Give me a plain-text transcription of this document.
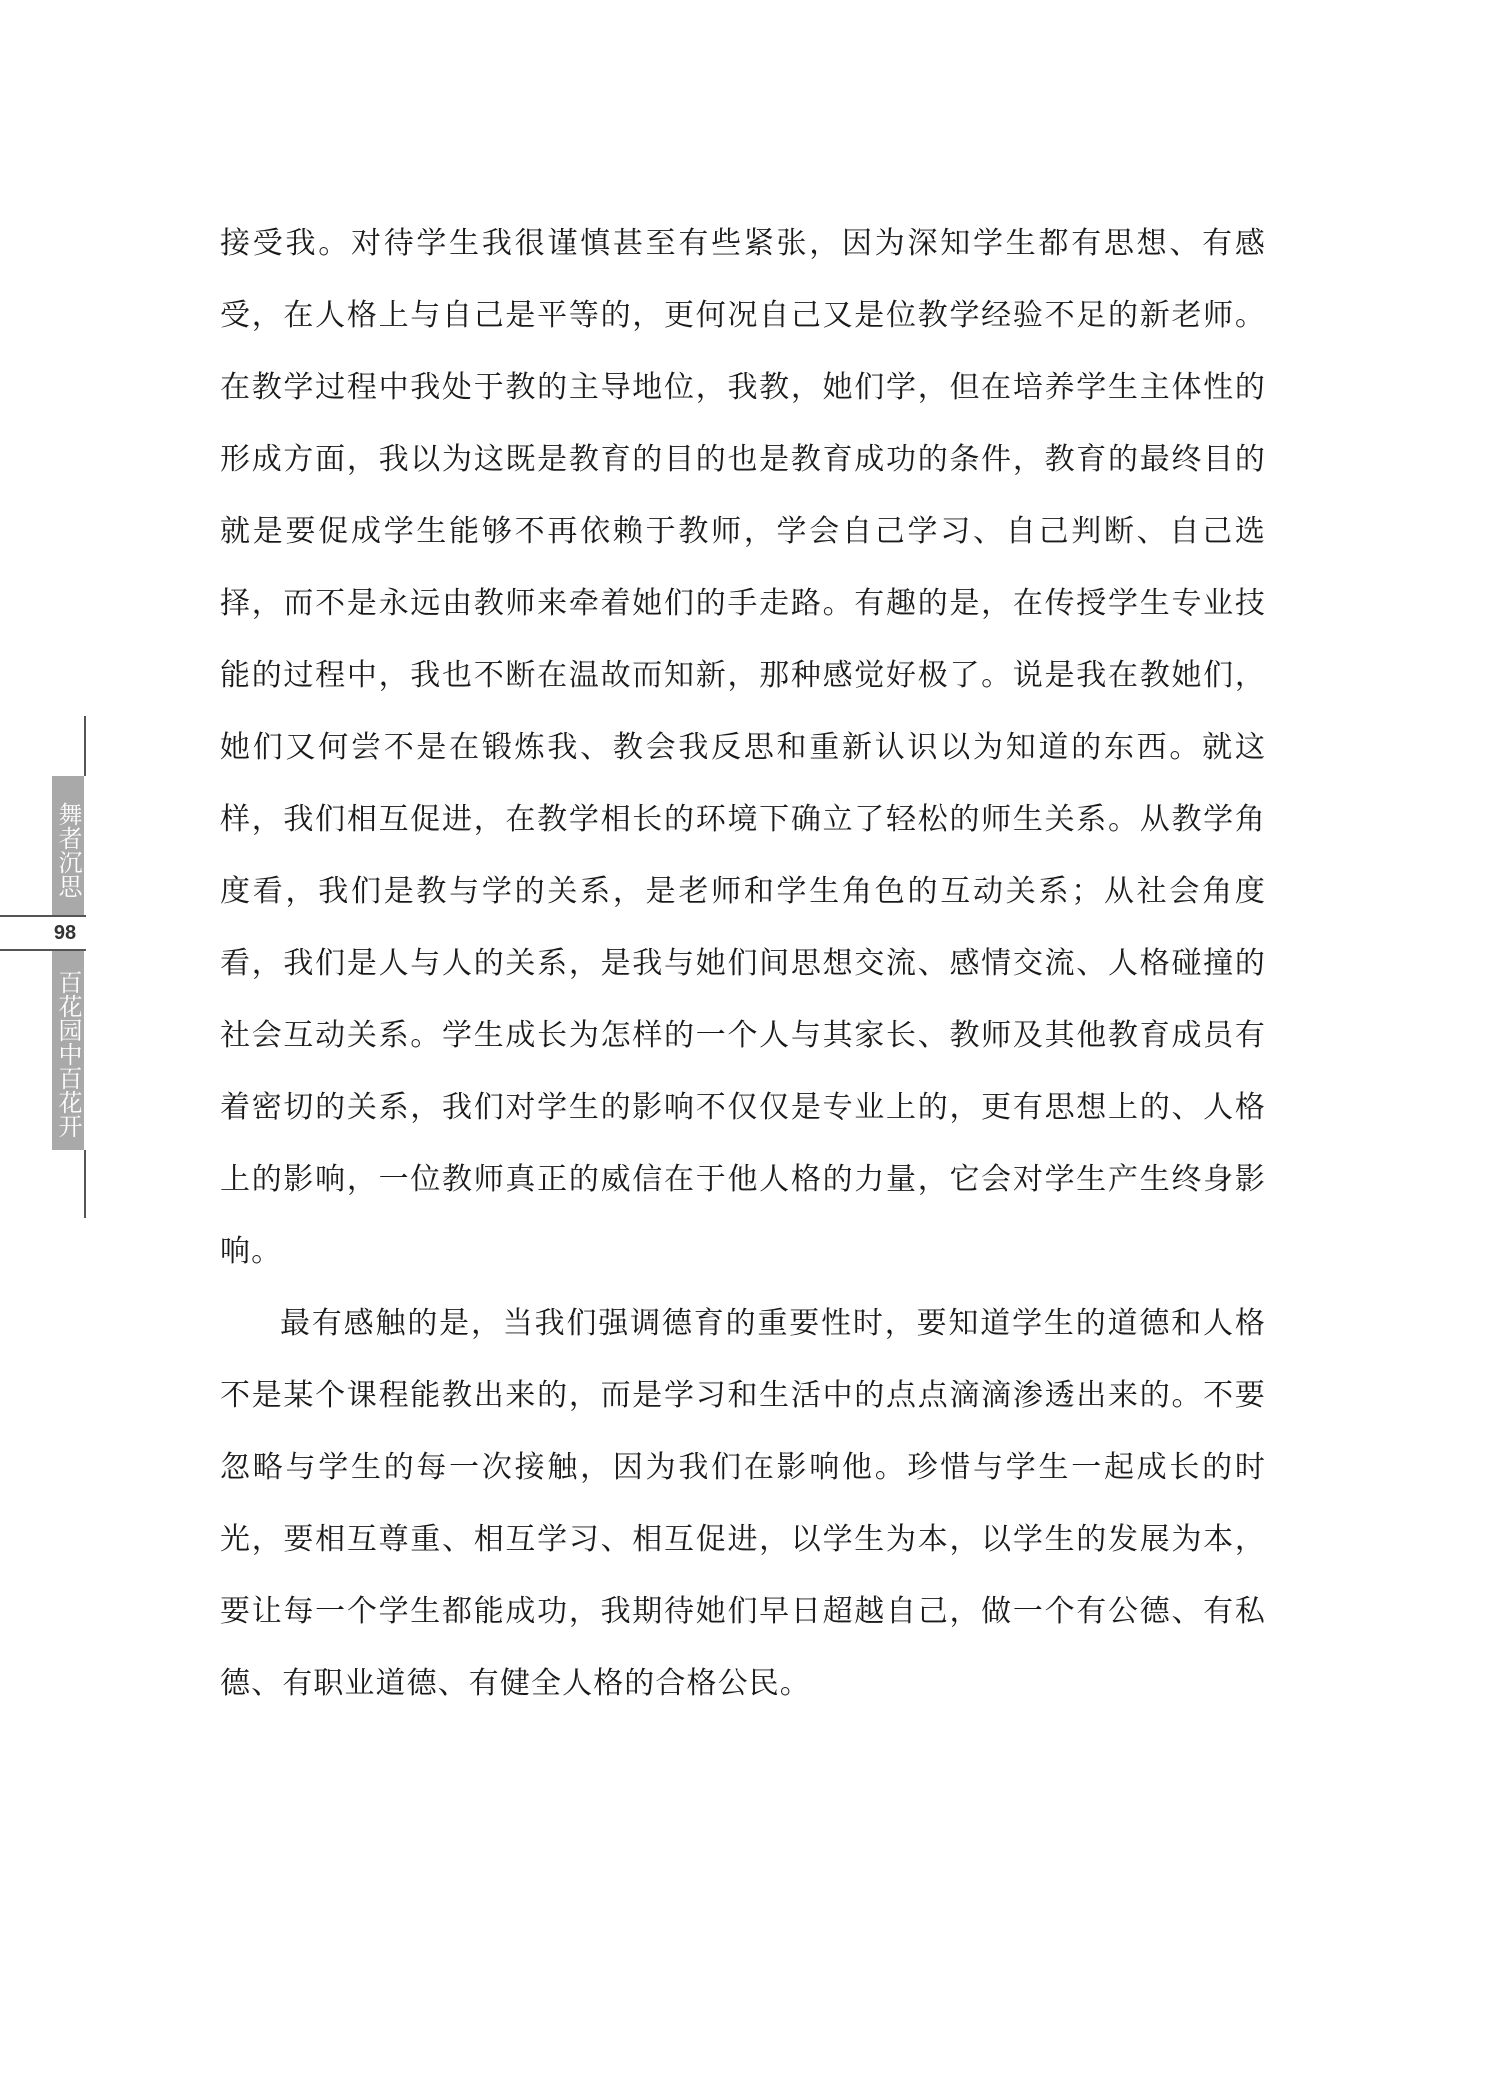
舞者沉思
98
百花园中百花开

接受我。对待学生我很谨慎甚至有些紧张，因为深知学生都有思想、有感受，在人格上与自己是平等的，更何况自己又是位教学经验不足的新老师。在教学过程中我处于教的主导地位，我教，她们学，但在培养学生主体性的形成方面，我以为这既是教育的目的也是教育成功的条件，教育的最终目的就是要促成学生能够不再依赖于教师，学会自己学习、自己判断、自己选择，而不是永远由教师来牵着她们的手走路。有趣的是，在传授学生专业技能的过程中，我也不断在温故而知新，那种感觉好极了。说是我在教她们，她们又何尝不是在锻炼我、教会我反思和重新认识以为知道的东西。就这样，我们相互促进，在教学相长的环境下确立了轻松的师生关系。从教学角度看，我们是教与学的关系，是老师和学生角色的互动关系；从社会角度看，我们是人与人的关系，是我与她们间思想交流、感情交流、人格碰撞的社会互动关系。学生成长为怎样的一个人与其家长、教师及其他教育成员有着密切的关系，我们对学生的影响不仅仅是专业上的，更有思想上的、人格上的影响，一位教师真正的威信在于他人格的力量，它会对学生产生终身影响。

最有感触的是，当我们强调德育的重要性时，要知道学生的道德和人格不是某个课程能教出来的，而是学习和生活中的点点滴滴渗透出来的。不要忽略与学生的每一次接触，因为我们在影响他。珍惜与学生一起成长的时光，要相互尊重、相互学习、相互促进，以学生为本，以学生的发展为本，要让每一个学生都能成功，我期待她们早日超越自己，做一个有公德、有私德、有职业道德、有健全人格的合格公民。
